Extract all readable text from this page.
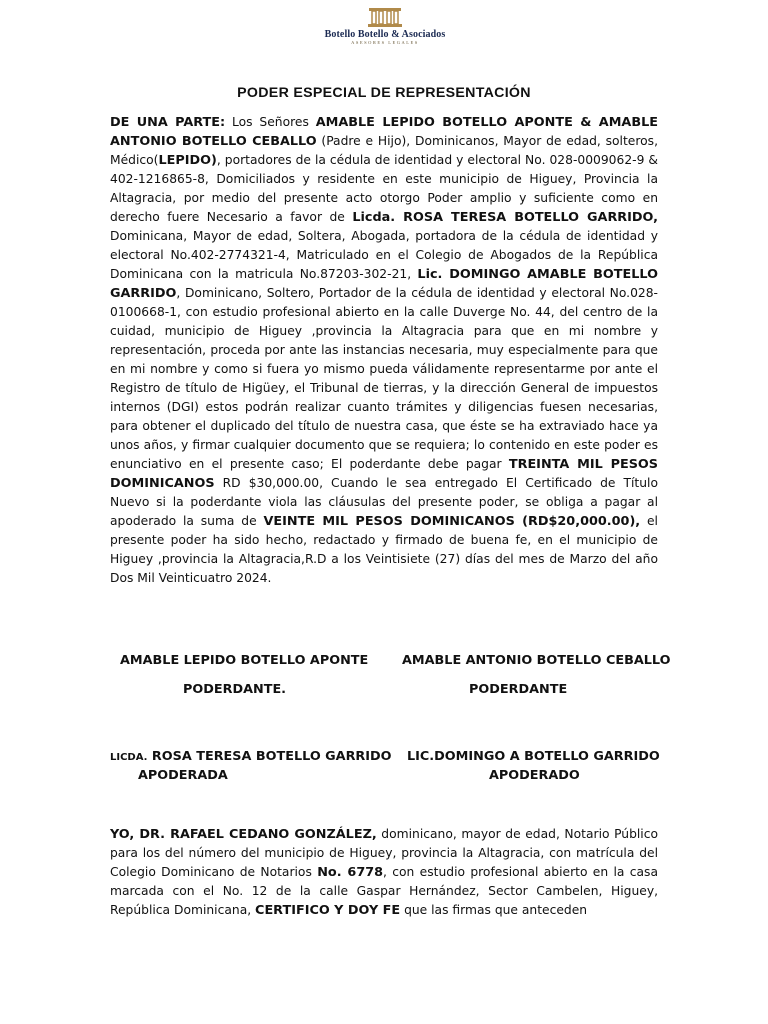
Botello Botello & Asociados
ASESORES LEGALES
PODER ESPECIAL DE REPRESENTACIÓN
DE UNA PARTE: Los Señores AMABLE LEPIDO BOTELLO APONTE & AMABLE ANTONIO BOTELLO CEBALLO (Padre e Hijo), Dominicanos, Mayor de edad, solteros, Médico(LEPIDO), portadores de la cédula de identidad y electoral No. 028-0009062-9 & 402-1216865-8, Domiciliados y residente en este municipio de Higuey, Provincia la Altagracia, por medio del presente acto otorgo Poder amplio y suficiente como en derecho fuere Necesario a favor de Licda. ROSA TERESA BOTELLO GARRIDO, Dominicana, Mayor de edad, Soltera, Abogada, portadora de la cédula de identidad y electoral No.402-2774321-4, Matriculado en el Colegio de Abogados de la República Dominicana con la matricula No.87203-302-21, Lic. DOMINGO AMABLE BOTELLO GARRIDO, Dominicano, Soltero, Portador de la cédula de identidad y electoral No.028-0100668-1, con estudio profesional abierto en la calle Duverge No. 44, del centro de la cuidad, municipio de Higuey ,provincia la Altagracia para que en mi nombre y representación, proceda por ante las instancias necesaria, muy especialmente para que en mi nombre y como si fuera yo mismo pueda válidamente representarme por ante el Registro de título de Higüey, el Tribunal de tierras, y la dirección General de impuestos internos (DGI) estos podrán realizar cuanto trámites y diligencias fuesen necesarias, para obtener el duplicado del título de nuestra casa, que éste se ha extraviado hace ya unos años, y firmar cualquier documento que se requiera; lo contenido en este poder es enunciativo en el presente caso; El poderdante debe pagar TREINTA MIL PESOS DOMINICANOS RD $30,000.00, Cuando le sea entregado El Certificado de Título Nuevo si la poderdante viola las cláusulas del presente poder, se obliga a pagar al apoderado la suma de VEINTE MIL PESOS DOMINICANOS (RD$20,000.00), el presente poder ha sido hecho, redactado y firmado de buena fe, en el municipio de Higuey ,provincia la Altagracia,R.D a los Veintisiete (27) días del mes de Marzo del año Dos Mil Veinticuatro 2024.
AMABLE LEPIDO BOTELLO APONTE
PODERDANTE.
AMABLE ANTONIO BOTELLO CEBALLO
PODERDANTE
LICDA. ROSA TERESA BOTELLO GARRIDO
APODERADA
LIC.DOMINGO A BOTELLO GARRIDO
APODERADO
YO, DR. RAFAEL CEDANO GONZÁLEZ, dominicano, mayor de edad, Notario Público para los del número del municipio de Higuey, provincia la Altagracia, con matrícula del Colegio Dominicano de Notarios No. 6778, con estudio profesional abierto en la casa marcada con el No. 12 de la calle Gaspar Hernández, Sector Cambelen, Higuey, República Dominicana, CERTIFICO Y DOY FE que las firmas que anteceden
